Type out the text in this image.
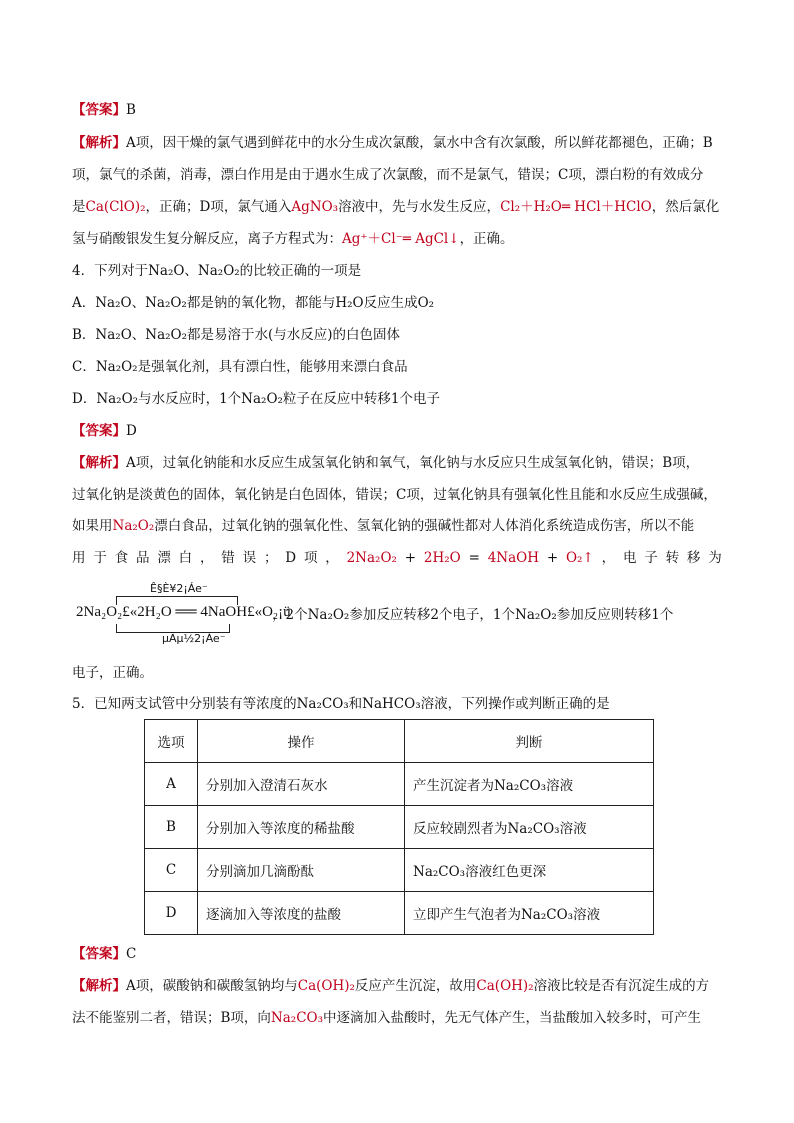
【答案】B
【解析】A项，因干燥的氯气遇到鲜花中的水分生成次氯酸，氯水中含有次氯酸，所以鲜花都褪色，正确；B
项，氯气的杀菌，消毒，漂白作用是由于遇水生成了次氯酸，而不是氯气，错误；C项，漂白粉的有效成分
是Ca(ClO)₂，正确；D项，氯气通入AgNO₃溶液中，先与水发生反应，Cl₂＋H₂O═ HCl＋HClO，然后氯化
氢与硝酸银发生复分解反应，离子方程式为：Ag⁺＋Cl⁻═ AgCl↓，正确。
4．下列对于Na₂O、Na₂O₂的比较正确的一项是
A．Na₂O、Na₂O₂都是钠的氧化物，都能与H₂O反应生成O₂
B．Na₂O、Na₂O₂都是易溶于水(与水反应)的白色固体
C．Na₂O₂是强氧化剂，具有漂白性，能够用来漂白食品
D．Na₂O₂与水反应时，1个Na₂O₂粒子在反应中转移1个电子
【答案】D
【解析】A项，过氧化钠能和水反应生成氢氧化钠和氧气，氧化钠与水反应只生成氢氧化钠，错误；B项，
过氧化钠是淡黄色的固体，氧化钠是白色固体，错误；C项，过氧化钠具有强氧化性且能和水反应生成强碱，
如果用Na₂O₂漂白食品，过氧化钠的强氧化性、氢氧化钠的强碱性都对人体消化系统造成伤害，所以不能
用 于 食 品 漂 白 ， 错 误 ； D 项 ， 2Na₂O₂ + 2H₂O = 4NaOH + O₂↑ ， 电 子 转 移 为
Ê§È¥2¡Áe⁻
2Na₂O₂£«2H₂O ══ 4NaOH£«O₂¡ü
，2个Na₂O₂参加反应转移2个电子，1个Na₂O₂参加反应则转移1个
µÃµ½2¡Áe⁻
电子，正确。
5．已知两支试管中分别装有等浓度的Na₂CO₃和NaHCO₃溶液，下列操作或判断正确的是
选项	操作	判断
A	分别加入澄清石灰水	产生沉淀者为Na₂CO₃溶液
B	分别加入等浓度的稀盐酸	反应较剧烈者为Na₂CO₃溶液
C	分别滴加几滴酚酞	Na₂CO₃溶液红色更深
D	逐滴加入等浓度的盐酸	立即产生气泡者为Na₂CO₃溶液
【答案】C
【解析】A项，碳酸钠和碳酸氢钠均与Ca(OH)₂反应产生沉淀，故用Ca(OH)₂溶液比较是否有沉淀生成的方
法不能鉴别二者，错误；B项，向Na₂CO₃中逐滴加入盐酸时，先无气体产生，当盐酸加入较多时，可产生
